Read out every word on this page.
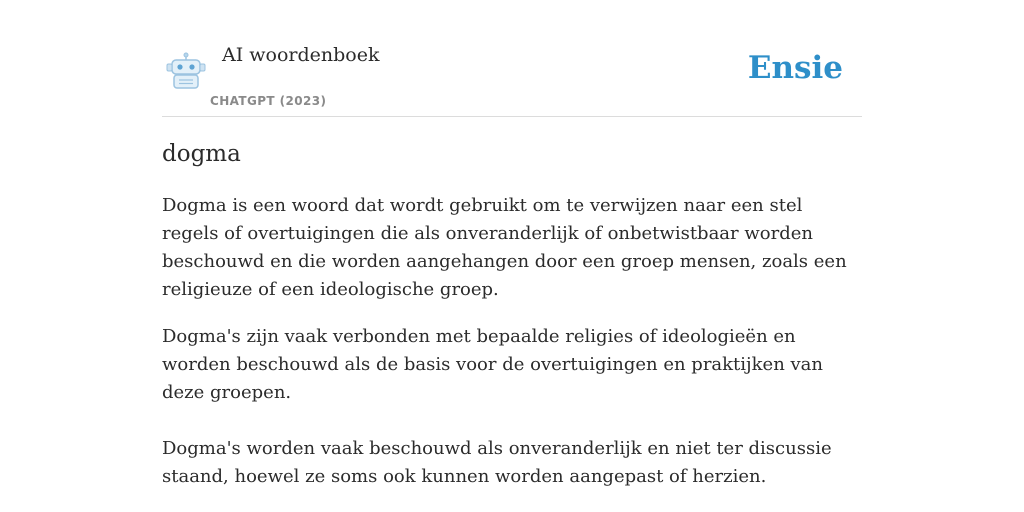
AI woordenboek
CHATGPT (2023)
Ensie
dogma

Dogma is een woord dat wordt gebruikt om te verwijzen naar een stel regels of overtuigingen die als onveranderlijk of onbetwistbaar worden beschouwd en die worden aangehangen door een groep mensen, zoals een religieuze of een ideologische groep.

Dogma's zijn vaak verbonden met bepaalde religies of ideologieën en worden beschouwd als de basis voor de overtuigingen en praktijken van deze groepen.

Dogma's worden vaak beschouwd als onveranderlijk en niet ter discussie staand, hoewel ze soms ook kunnen worden aangepast of herzien.
